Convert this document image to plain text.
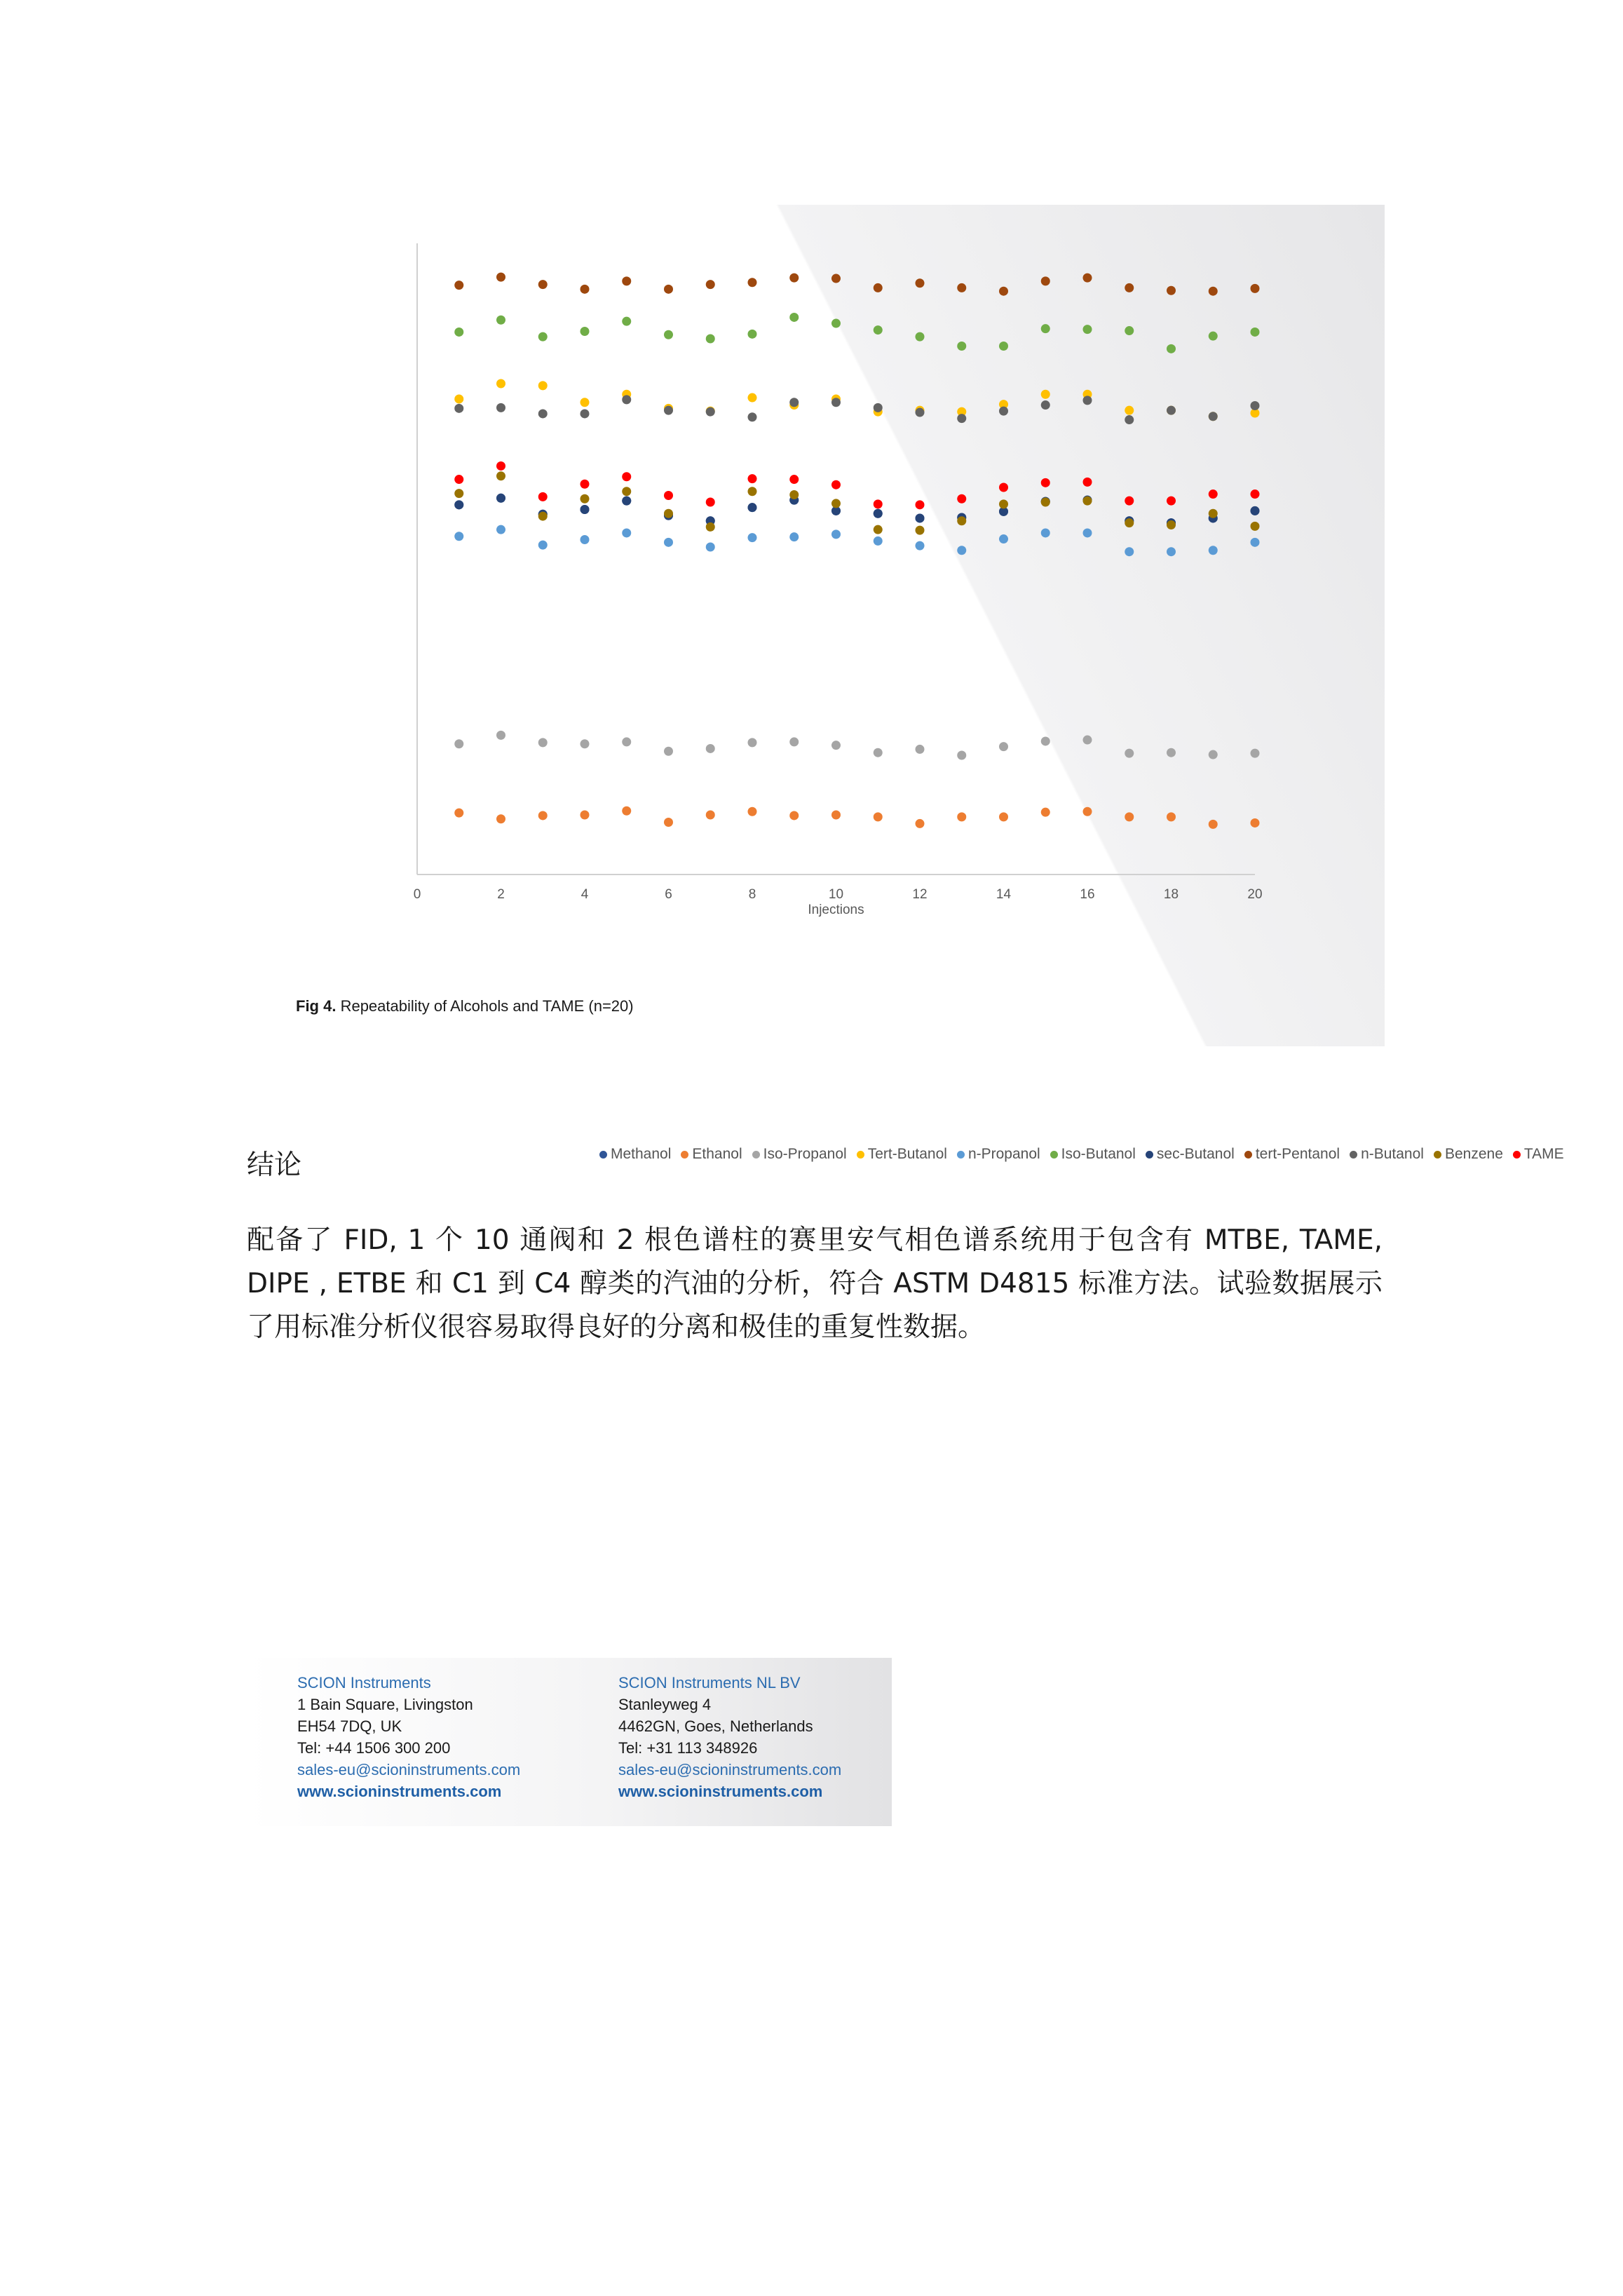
0	2	4	6	8	10	12	14	16	18	20
Injections
Methanol Ethanol Iso-Propanol Tert-Butanol n-Propanol Iso-Butanol sec-Butanol tert-Pentanol n-Butanol Benzene TAME
Fig 4. Repeatability of Alcohols and TAME (n=20)
结论

配备了 FID, 1 个 10 通阀和 2 根色谱柱的赛里安气相色谱系统用于包含有 MTBE, TAME, DIPE , ETBE 和 C1 到 C4 醇类的汽油的分析，符合 ASTM D4815 标准方法。试验数据展示了用标准分析仪很容易取得良好的分离和极佳的重复性数据。

SCION Instruments
1 Bain Square, Livingston
EH54 7DQ, UK
Tel: +44 1506 300 200
sales-eu@scioninstruments.com
www.scioninstruments.com
SCION Instruments NL BV
Stanleyweg 4
4462GN, Goes, Netherlands
Tel: +31 113 348926
sales-eu@scioninstruments.com
www.scioninstruments.com
